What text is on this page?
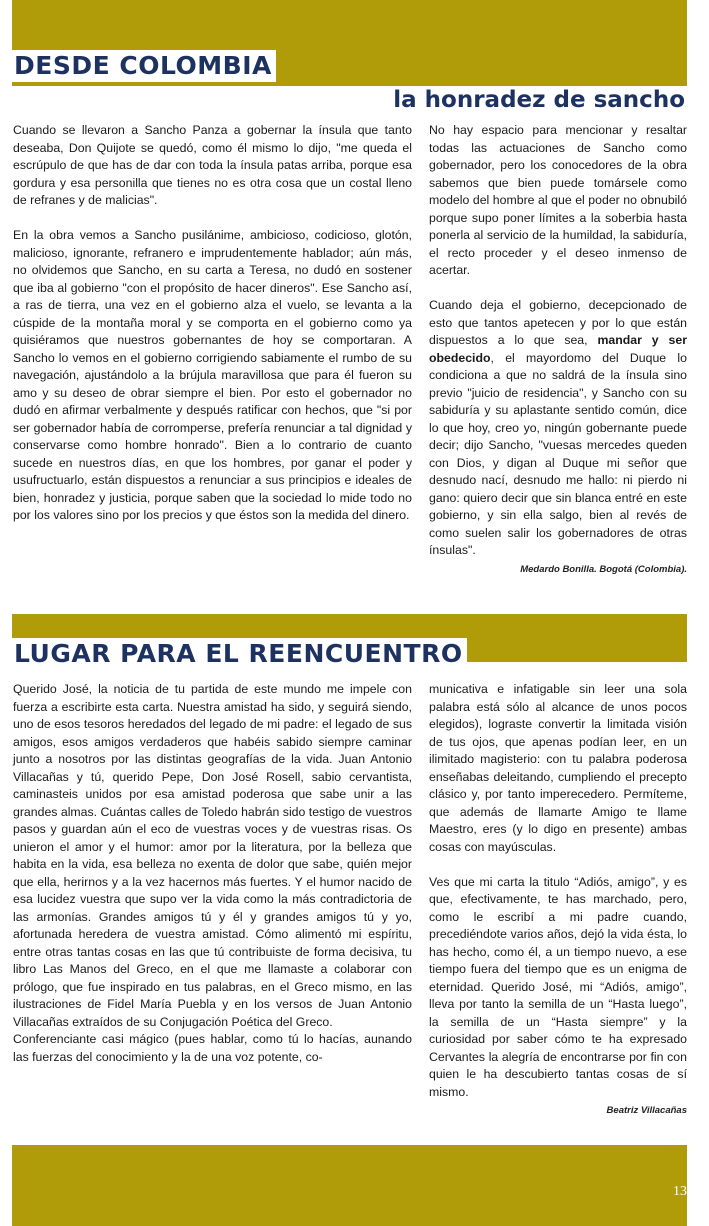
DESDE COLOMBIA
la honradez de sancho

Cuando se llevaron a Sancho Panza a gobernar la ínsula que tanto deseaba, Don Quijote se quedó, como él mismo lo dijo, "me queda el escrúpulo de que has de dar con toda la ínsula patas arriba, porque esa gordura y esa personilla que tienes no es otra cosa que un costal lleno de refranes y de malicias".

En la obra vemos a Sancho pusilánime, ambicioso, codicioso, glotón, malicioso, ignorante, refranero e imprudentemente hablador; aún más, no olvidemos que Sancho, en su carta a Teresa, no dudó en sostener que iba al gobierno "con el propósito de hacer dineros". Ese Sancho así, a ras de tierra, una vez en el gobierno alza el vuelo, se levanta a la cúspide de la montaña moral y se comporta en el gobierno como ya quisiéramos que nuestros gobernantes de hoy se comportaran. A Sancho lo vemos en el gobierno corrigiendo sabiamente el rumbo de su navegación, ajustándolo a la brújula maravillosa que para él fueron su amo y su deseo de obrar siempre el bien. Por esto el gobernador no dudó en afirmar verbalmente y después ratificar con hechos, que "si por ser gobernador había de corromperse, prefería renunciar a tal dignidad y conservarse como hombre honrado". Bien a lo contrario de cuanto sucede en nuestros días, en que los hombres, por ganar el poder y usufructuarlo, están dispuestos a renunciar a sus principios e ideales de bien, honradez y justicia, porque saben que la sociedad lo mide todo no por los valores sino por los precios y que éstos son la medida del dinero.

No hay espacio para mencionar y resaltar todas las actuaciones de Sancho como gobernador, pero los conocedores de la obra sabemos que bien puede tomársele como modelo del hombre al que el poder no obnubiló porque supo poner límites a la soberbia hasta ponerla al servicio de la humildad, la sabiduría, el recto proceder y el deseo inmenso de acertar.

Cuando deja el gobierno, decepcionado de esto que tantos apetecen y por lo que están dispuestos a lo que sea, mandar y ser obedecido, el mayordomo del Duque lo condiciona a que no saldrá de la ínsula sino previo "juicio de residencia", y Sancho con su sabiduría y su aplastante sentido común, dice lo que hoy, creo yo, ningún gobernante puede decir; dijo Sancho, "vuesas mercedes queden con Dios, y digan al Duque mi señor que desnudo nací, desnudo me hallo: ni pierdo ni gano: quiero decir que sin blanca entré en este gobierno, y sin ella salgo, bien al revés de como suelen salir los gobernadores de otras ínsulas".

Medardo Bonilla. Bogotá (Colombia).
LUGAR PARA EL REENCUENTRO

Querido José, la noticia de tu partida de este mundo me impele con fuerza a escribirte esta carta. Nuestra amistad ha sido, y seguirá siendo, uno de esos tesoros heredados del legado de mi padre: el legado de sus amigos, esos amigos verdaderos que habéis sabido siempre caminar junto a nosotros por las distintas geografías de la vida. Juan Antonio Villacañas y tú, querido Pepe, Don José Rosell, sabio cervantista, caminasteis unidos por esa amistad poderosa que sabe unir a las grandes almas. Cuántas calles de Toledo habrán sido testigo de vuestros pasos y guardan aún el eco de vuestras voces y de vuestras risas. Os unieron el amor y el humor: amor por la literatura, por la belleza que habita en la vida, esa belleza no exenta de dolor que sabe, quién mejor que ella, herirnos y a la vez hacernos más fuertes. Y el humor nacido de esa lucidez vuestra que supo ver la vida como la más contradictoria de las armonías. Grandes amigos tú y él y grandes amigos tú y yo, afortunada heredera de vuestra amistad. Cómo alimentó mi espíritu, entre otras tantas cosas en las que tú contribuiste de forma decisiva, tu libro Las Manos del Greco, en el que me llamaste a colaborar con prólogo, que fue inspirado en tus palabras, en el Greco mismo, en las ilustraciones de Fidel María Puebla y en los versos de Juan Antonio Villacañas extraídos de su Conjugación Poética del Greco.

Conferenciante casi mágico (pues hablar, como tú lo hacías, aunando las fuerzas del conocimiento y la de una voz potente, co-

municativa e infatigable sin leer una sola palabra está sólo al alcance de unos pocos elegidos), lograste convertir la limitada visión de tus ojos, que apenas podían leer, en un ilimitado magisterio: con tu palabra poderosa enseñabas deleitando, cumpliendo el precepto clásico y, por tanto imperecedero. Permíteme, que además de llamarte Amigo te llame Maestro, eres (y lo digo en presente) ambas cosas con mayúsculas.

Ves que mi carta la titulo “Adiós, amigo”, y es que, efectivamente, te has marchado, pero, como le escribí a mi padre cuando, precediéndote varios años, dejó la vida ésta, lo has hecho, como él, a un tiempo nuevo, a ese tiempo fuera del tiempo que es un enigma de eternidad. Querido José, mi “Adiós, amigo”, lleva por tanto la semilla de un “Hasta luego”, la semilla de un “Hasta siempre” y la curiosidad por saber cómo te ha expresado Cervantes la alegría de encontrarse por fin con quien le ha descubierto tantas cosas de sí mismo.

Beatriz Villacañas
13
